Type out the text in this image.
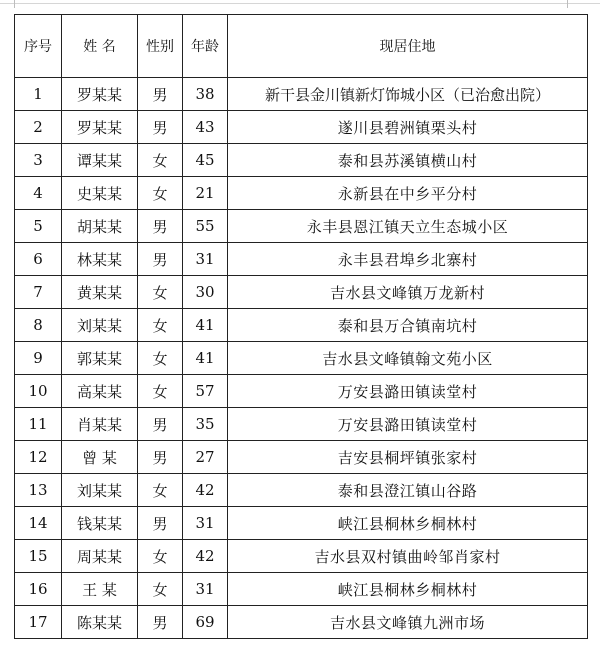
序号	姓 名	性别	年龄	现居住地
1	罗某某	男	38	新干县金川镇新灯饰城小区（已治愈出院）
2	罗某某	男	43	遂川县碧洲镇栗头村
3	谭某某	女	45	泰和县苏溪镇横山村
4	史某某	女	21	永新县在中乡平分村
5	胡某某	男	55	永丰县恩江镇天立生态城小区
6	林某某	男	31	永丰县君埠乡北寨村
7	黄某某	女	30	吉水县文峰镇万龙新村
8	刘某某	女	41	泰和县万合镇南坑村
9	郭某某	女	41	吉水县文峰镇翰文苑小区
10	高某某	女	57	万安县潞田镇读堂村
11	肖某某	男	35	万安县潞田镇读堂村
12	曾 某	男	27	吉安县桐坪镇张家村
13	刘某某	女	42	泰和县澄江镇山谷路
14	钱某某	男	31	峡江县桐林乡桐林村
15	周某某	女	42	吉水县双村镇曲岭邹肖家村
16	王 某	女	31	峡江县桐林乡桐林村
17	陈某某	男	69	吉水县文峰镇九洲市场
